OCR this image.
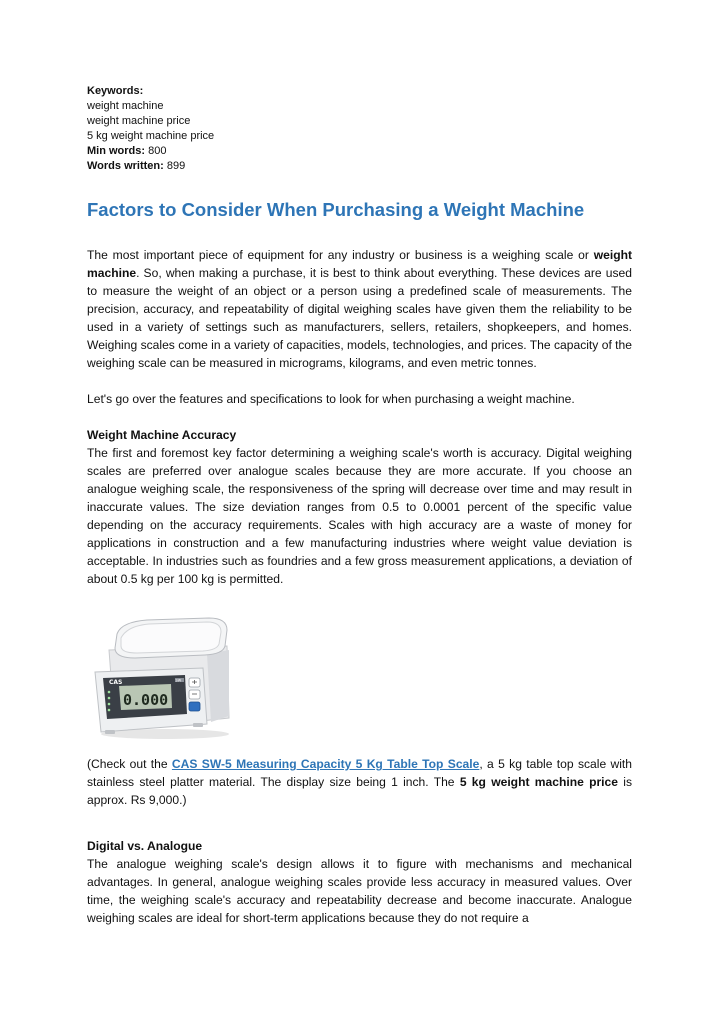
Keywords:
weight machine
weight machine price
5 kg weight machine price
Min words: 800
Words written: 899
Factors to Consider When Purchasing a Weight Machine

The most important piece of equipment for any industry or business is a weighing scale or weight machine. So, when making a purchase, it is best to think about everything. These devices are used to measure the weight of an object or a person using a predefined scale of measurements. The precision, accuracy, and repeatability of digital weighing scales have given them the reliability to be used in a variety of settings such as manufacturers, sellers, retailers, shopkeepers, and homes. Weighing scales come in a variety of capacities, models, technologies, and prices. The capacity of the weighing scale can be measured in micrograms, kilograms, and even metric tonnes.

Let's go over the features and specifications to look for when purchasing a weight machine.

Weight Machine Accuracy

The first and foremost key factor determining a weighing scale's worth is accuracy. Digital weighing scales are preferred over analogue scales because they are more accurate. If you choose an analogue weighing scale, the responsiveness of the spring will decrease over time and may result in inaccurate values. The size deviation ranges from 0.5 to 0.0001 percent of the specific value depending on the accuracy requirements. Scales with high accuracy are a waste of money for applications in construction and a few manufacturing industries where weight value deviation is acceptable. In industries such as foundries and a few gross measurement applications, a deviation of about 0.5 kg per 100 kg is permitted.

0.000
CAS	SW

(Check out the CAS SW-5 Measuring Capacity 5 Kg Table Top Scale, a 5 kg table top scale with stainless steel platter material. The display size being 1 inch. The 5 kg weight machine price is approx. Rs 9,000.)

Digital vs. Analogue

The analogue weighing scale's design allows it to figure with mechanisms and mechanical advantages. In general, analogue weighing scales provide less accuracy in measured values. Over time, the weighing scale's accuracy and repeatability decrease and become inaccurate. Analogue weighing scales are ideal for short-term applications because they do not require a
